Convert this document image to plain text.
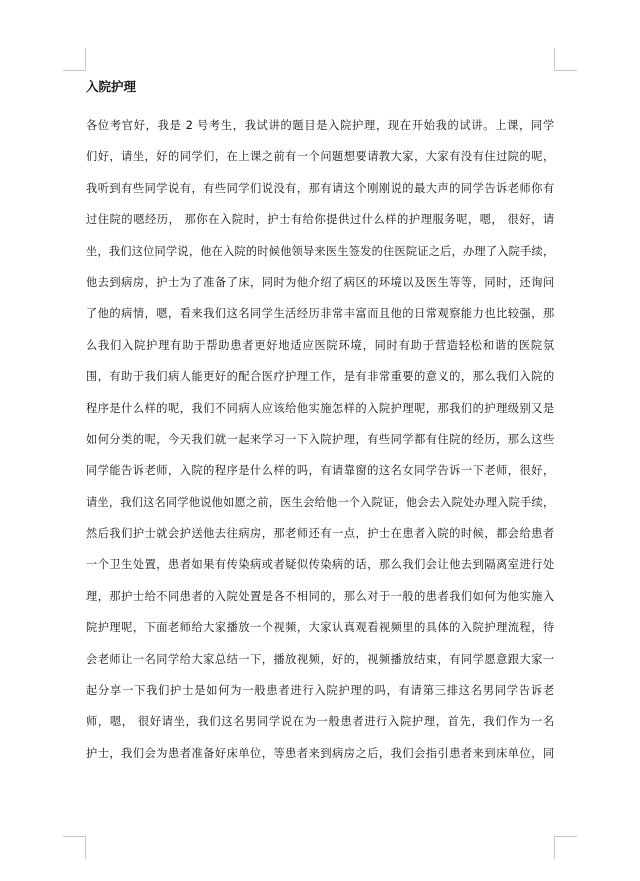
入院护理
各位考官好，我是 2 号考生，我试讲的题目是入院护理，现在开始我的试讲。上课，同学
们好，请坐，好的同学们，在上课之前有一个问题想要请教大家，大家有没有住过院的呢，
我听到有些同学说有，有些同学们说没有，那有请这个刚刚说的最大声的同学告诉老师你有
过住院的嗯经历， 那你在入院时，护士有给你提供过什么样的护理服务呢，嗯， 很好，请
坐，我们这位同学说，他在入院的时候他领导来医生签发的住医院证之后，办理了入院手续，
他去到病房，护士为了准备了床，同时为他介绍了病区的环境以及医生等等，同时，还询问
了他的病情，嗯，看来我们这名同学生活经历非常丰富而且他的日常观察能力也比较强，那
么我们入院护理有助于帮助患者更好地适应医院环境，同时有助于营造轻松和谐的医院氛
围，有助于我们病人能更好的配合医疗护理工作，是有非常重要的意义的，那么我们入院的
程序是什么样的呢，我们不同病人应该给他实施怎样的入院护理呢，那我们的护理级别又是
如何分类的呢，今天我们就一起来学习一下入院护理，有些同学都有住院的经历，那么这些
同学能告诉老师，入院的程序是什么样的吗，有请靠窗的这名女同学告诉一下老师，很好，
请坐，我们这名同学他说他如愿之前，医生会给他一个入院证，他会去入院处办理入院手续，
然后我们护士就会护送他去往病房，那老师还有一点，护士在患者入院的时候，都会给患者
一个卫生处置，患者如果有传染病或者疑似传染病的话，那么我们会让他去到隔离室进行处
理，那护士给不同患者的入院处置是各不相同的，那么对于一般的患者我们如何为他实施入
院护理呢，下面老师给大家播放一个视频，大家认真观看视频里的具体的入院护理流程，待
会老师让一名同学给大家总结一下，播放视频，好的，视频播放结束，有同学愿意跟大家一
起分享一下我们护士是如何为一般患者进行入院护理的吗，有请第三排这名男同学告诉老
师，嗯， 很好请坐，我们这名男同学说在为一般患者进行入院护理，首先，我们作为一名
护士，我们会为患者准备好床单位，等患者来到病房之后，我们会指引患者来到床单位，同
